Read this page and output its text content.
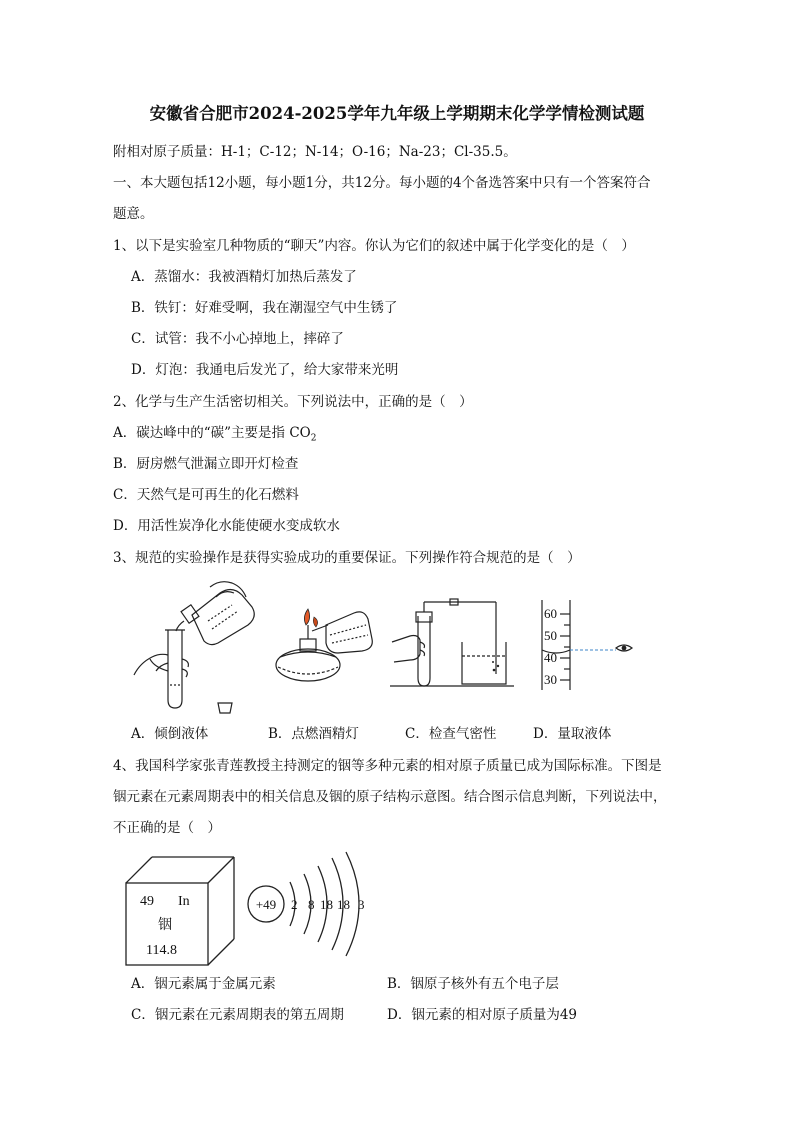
安徽省合肥市2024-2025学年九年级上学期期末化学学情检测试题
附相对原子质量：H-1；C-12；N-14；O-16；Na-23；Cl-35.5。
一、本大题包括12小题，每小题1分，共12分。每小题的4个备选答案中只有一个答案符合
题意。
1、以下是实验室几种物质的“聊天”内容。你认为它们的叙述中属于化学变化的是（　）
A．蒸馏水：我被酒精灯加热后蒸发了
B．铁钉：好难受啊，我在潮湿空气中生锈了
C．试管：我不小心掉地上，摔碎了
D．灯泡：我通电后发光了，给大家带来光明
2、化学与生产生活密切相关。下列说法中，正确的是（　）
A．碳达峰中的“碳”主要是指 $CO_2$
B．厨房燃气泄漏立即开灯检查
C．天然气是可再生的化石燃料
D．用活性炭净化水能使硬水变成软水
3、规范的实验操作是获得实验成功的重要保证。下列操作符合规范的是（　）
60
50
40
30
A．倾倒液体	B．点燃酒精灯	C．检查气密性	D．量取液体
4、我国科学家张青莲教授主持测定的铟等多种元素的相对原子质量已成为国际标准。下图是
铟元素在元素周期表中的相关信息及铟的原子结构示意图。结合图示信息判断，下列说法中，
不正确的是（　）
49 In
铟
114.8
+49 2 8 18 18 3
A．铟元素属于金属元素	B．铟原子核外有五个电子层
C．铟元素在元素周期表的第五周期	D．铟元素的相对原子质量为49
